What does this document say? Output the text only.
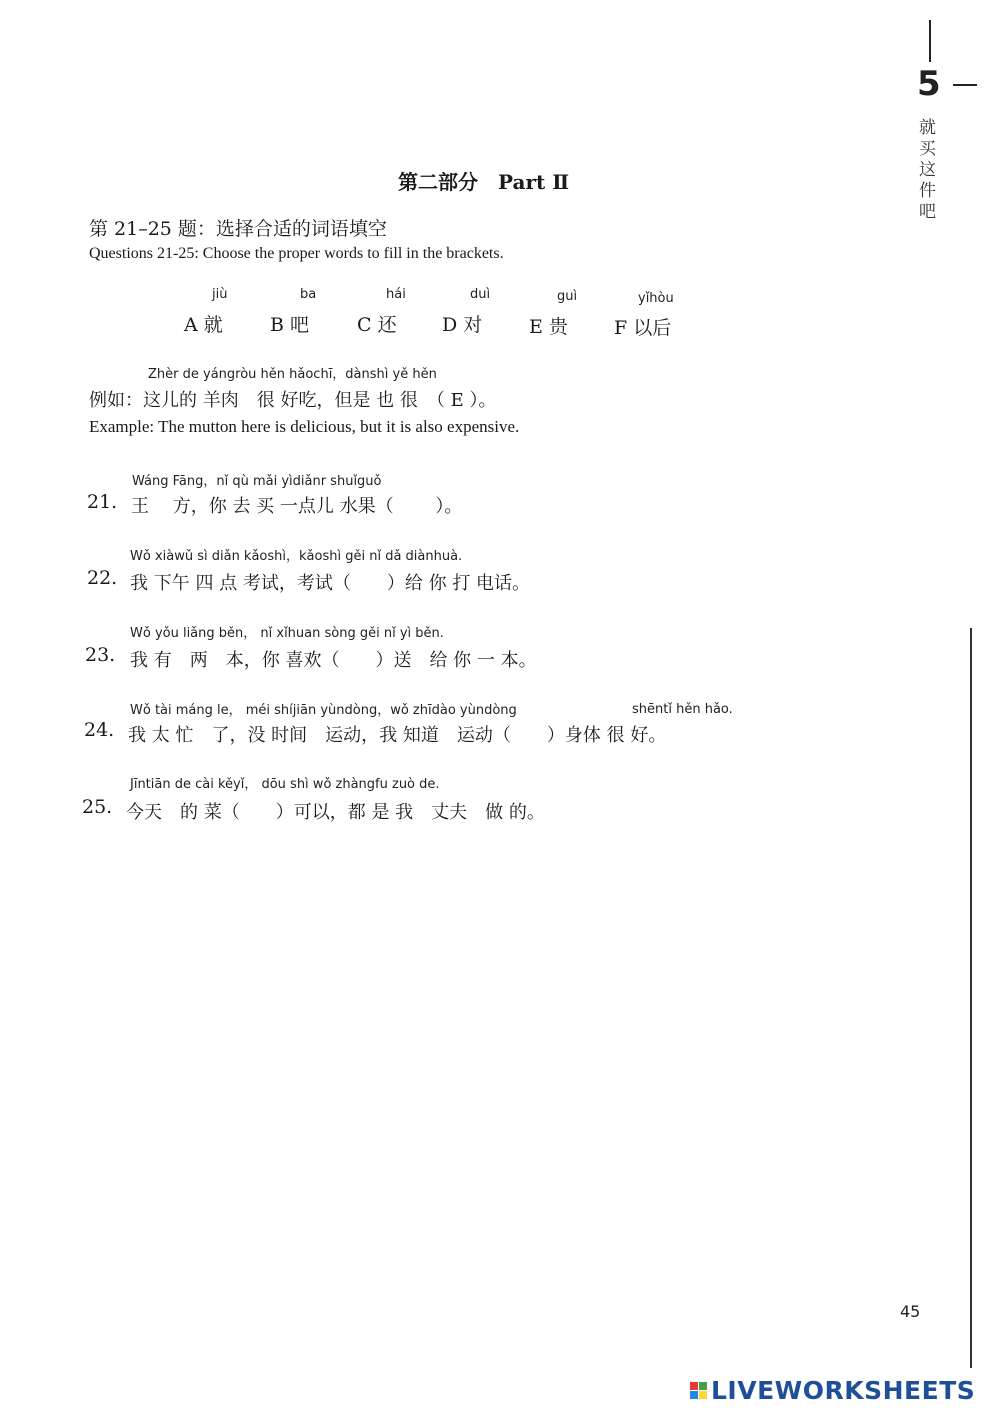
5
就
买
这
件
吧
第二部分　Part Ⅱ
第 21–25 题：选择合适的词语填空
Questions 21-25: Choose the proper words to fill in the brackets.
jiù
A 就
ba
B 吧
hái
C 还
duì
D 对
guì
E 贵
yǐhòu
F 以后
Zhèr de yángròu hěn hǎochī，dànshì yě hěn
例如：这儿的 羊肉　很 好吃，但是 也 很　（ E ）。
Example: The mutton here is delicious, but it is also expensive.
Wáng Fāng，nǐ qù mǎi yìdiǎnr shuǐguǒ
21. 王　 方，你 去 买 一点儿 水果（　　 ）。
Wǒ xiàwǔ sì diǎn kǎoshì，kǎoshì gěi nǐ dǎ diànhuà.
22. 我 下午 四 点 考试，考试（　　）给 你 打 电话。
Wǒ yǒu liǎng běn， nǐ xǐhuan sòng gěi nǐ yì běn.
23. 我 有　两　本，你 喜欢（　　）送　给 你 一 本。
Wǒ tài máng le， méi shíjiān yùndòng，wǒ zhīdào yùndòng	shēntǐ hěn hǎo.
24. 我 太 忙　了，没 时间　运动，我 知道　运动（　　）身体 很 好。
Jīntiān de cài kěyǐ， dōu shì wǒ zhàngfu zuò de.
25. 今天　的 菜（　　）可以，都 是 我　丈夫　做 的。
45
LIVEWORKSHEETS
